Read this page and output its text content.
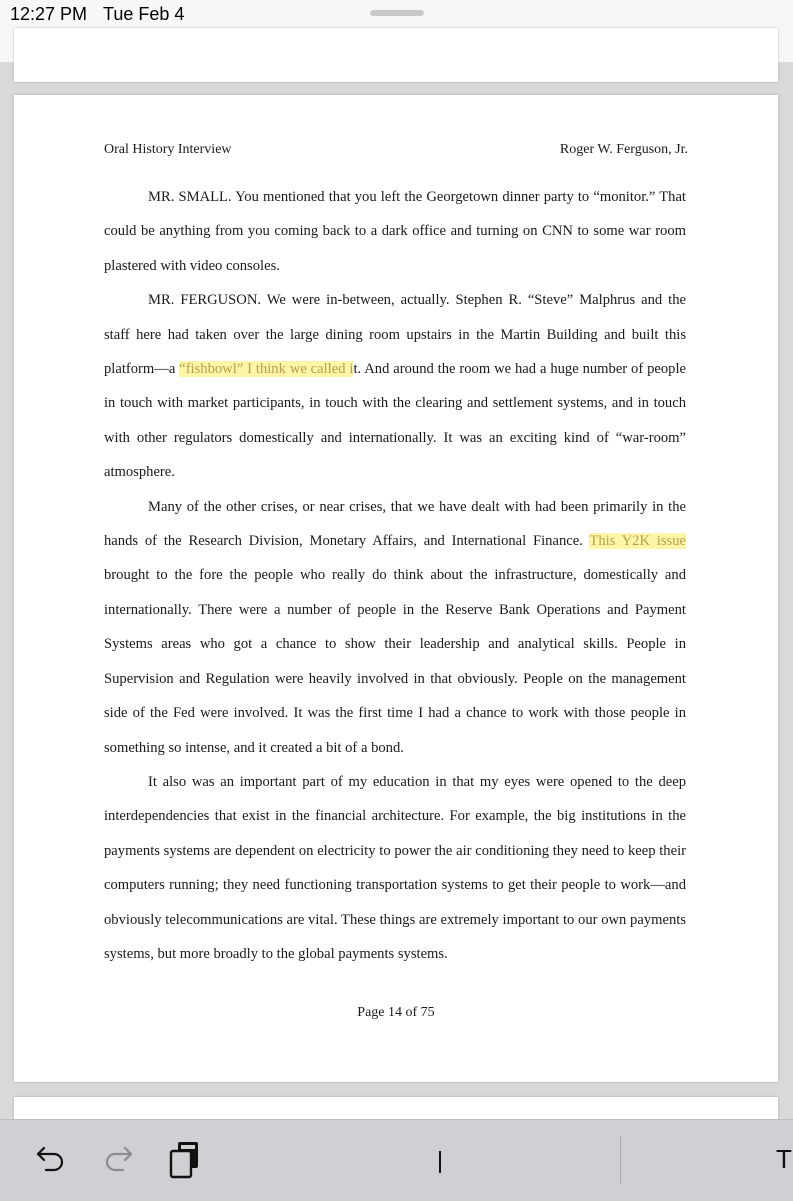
12:27 PM Tue Feb 4
Oral History Interview	Roger W. Ferguson, Jr.

MR. SMALL. You mentioned that you left the Georgetown dinner party to “monitor.” That could be anything from you coming back to a dark office and turning on CNN to some war room plastered with video consoles.

MR. FERGUSON. We were in-between, actually. Stephen R. “Steve” Malphrus and the staff here had taken over the large dining room upstairs in the Martin Building and built this platform—a “fishbowl” I think we called it. And around the room we had a huge number of people in touch with market participants, in touch with the clearing and settlement systems, and in touch with other regulators domestically and internationally. It was an exciting kind of “war-room” atmosphere.

Many of the other crises, or near crises, that we have dealt with had been primarily in the hands of the Research Division, Monetary Affairs, and International Finance. This Y2K issue brought to the fore the people who really do think about the infrastructure, domestically and internationally. There were a number of people in the Reserve Bank Operations and Payment Systems areas who got a chance to show their leadership and analytical skills. People in Supervision and Regulation were heavily involved in that obviously. People on the management side of the Fed were involved. It was the first time I had a chance to work with those people in something so intense, and it created a bit of a bond.

It also was an important part of my education in that my eyes were opened to the deep interdependencies that exist in the financial architecture. For example, the big institutions in the payments systems are dependent on electricity to power the air conditioning they need to keep their computers running; they need functioning transportation systems to get their people to work—and obviously telecommunications are vital. These things are extremely important to our own payments systems, but more broadly to the global payments systems.

Page 14 of 75
T
